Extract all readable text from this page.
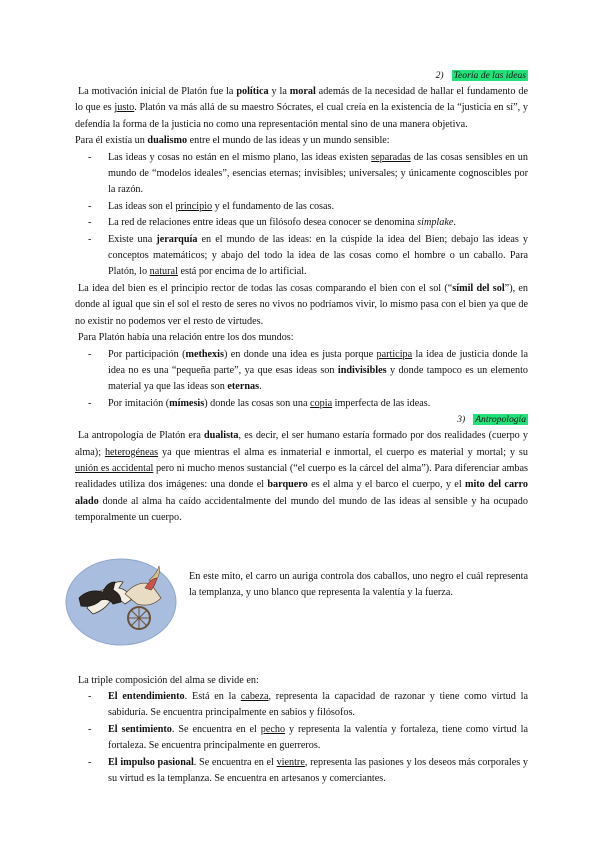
2) Teoría de las ideas

La motivación inicial de Platón fue la política y la moral además de la necesidad de hallar el fundamento de lo que es justo. Platón va más allá de su maestro Sócrates, el cual creía en la existencia de la “justicia en sí”, y defendía la forma de la justicia no como una representación mental sino de una manera objetiva.

Para él existía un dualismo entre el mundo de las ideas y un mundo sensible:

- Las ideas y cosas no están en el mismo plano, las ideas existen separadas de las cosas sensibles en un mundo de “modelos ideales”, esencias eternas; invisibles; universales; y únicamente cognoscibles por la razón.
- Las ideas son el principio y el fundamento de las cosas.
- La red de relaciones entre ideas que un filósofo desea conocer se denomina simplake.
- Existe una jerarquía en el mundo de las ideas: en la cúspide la idea del Bien; debajo las ideas y conceptos matemáticos; y abajo del todo la idea de las cosas como el hombre o un caballo. Para Platón, lo natural está por encima de lo artificial.

La idea del bien es el principio rector de todas las cosas comparando el bien con el sol (“símil del sol”), en donde al igual que sin el sol el resto de seres no vivos no podríamos vivir, lo mismo pasa con el bien ya que de no existir no podemos ver el resto de virtudes.

Para Platón había una relación entre los dos mundos:

- Por participación (methexis) en donde una idea es justa porque participa la idea de justicia donde la idea no es una “pequeña parte”, ya que esas ideas son indivisibles y donde tampoco es un elemento material ya que las ideas son eternas.
- Por imitación (mímesis) donde las cosas son una copia imperfecta de las ideas.
3) Antropología

La antropología de Platón era dualista, es decir, el ser humano estaría formado por dos realidades (cuerpo y alma); heterogéneas ya que mientras el alma es inmaterial e inmortal, el cuerpo es material y mortal; y su unión es accidental pero ni mucho menos sustancial (“el cuerpo es la cárcel del alma”). Para diferenciar ambas realidades utiliza dos imágenes: una donde el barquero es el alma y el barco el cuerpo, y el mito del carro alado donde al alma ha caído accidentalmente del mundo del mundo de las ideas al sensible y ha ocupado temporalmente un cuerpo.

En este mito, el carro un auriga controla dos caballos, uno negro el cuál representa la templanza, y uno blanco que representa la valentía y la fuerza.

La triple composición del alma se divide en:

- El entendimiento. Está en la cabeza, representa la capacidad de razonar y tiene como virtud la sabiduría. Se encuentra principalmente en sabios y filósofos.
- El sentimiento. Se encuentra en el pecho y representa la valentía y fortaleza, tiene como virtud la fortaleza. Se encuentra principalmente en guerreros.
- El impulso pasional. Se encuentra en el vientre, representa las pasiones y los deseos más corporales y su virtud es la templanza. Se encuentra en artesanos y comerciantes.
